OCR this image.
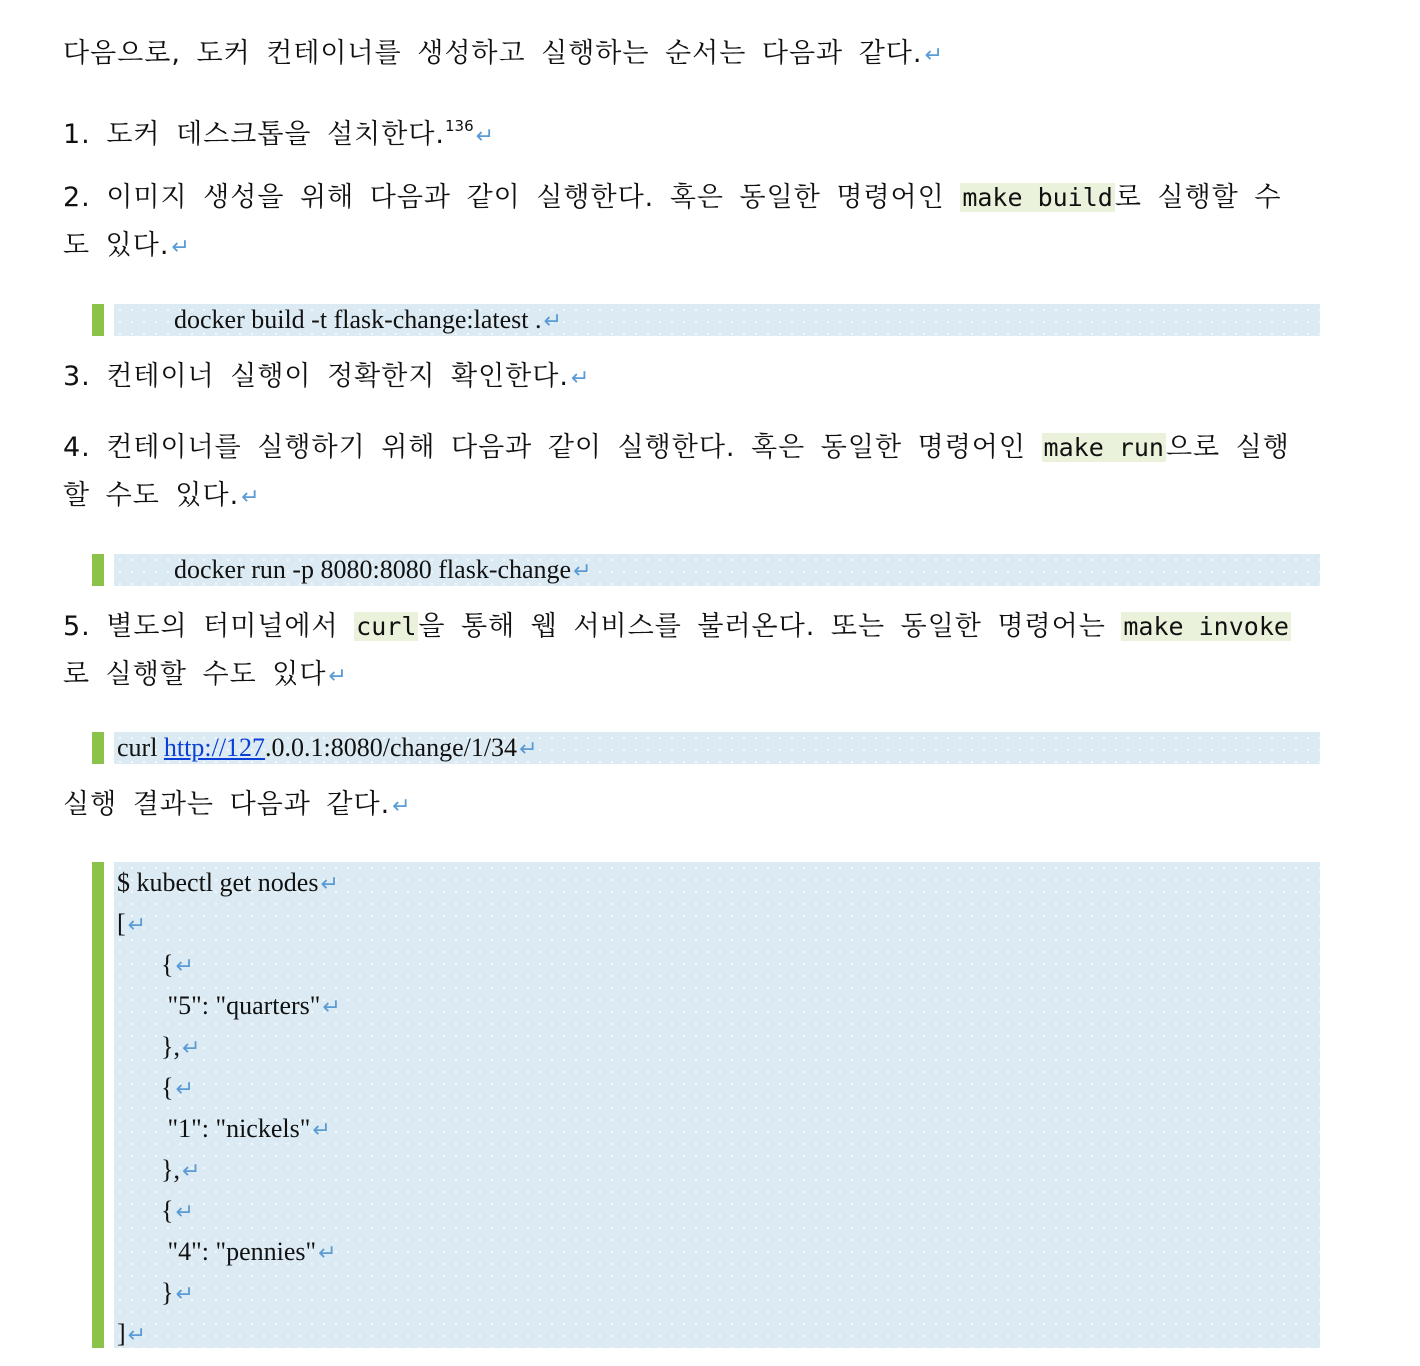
다음으로, 도커 컨테이너를 생성하고 실행하는 순서는 다음과 같다.↵
1. 도커 데스크톱을 설치한다.$^{136}$↵
2. 이미지 생성을 위해 다음과 같이 실행한다. 혹은 동일한 명령어인 make build로 실행할 수도 있다.↵
docker build -t flask-change:latest .↵
3. 컨테이너 실행이 정확한지 확인한다.↵
4. 컨테이너를 실행하기 위해 다음과 같이 실행한다. 혹은 동일한 명령어인 make run으로 실행할 수도 있다.↵
docker run -p 8080:8080 flask-change↵
5. 별도의 터미널에서 curl을 통해 웹 서비스를 불러온다. 또는 동일한 명령어는 make invoke로 실행할 수도 있다↵
curl http://127.0.0.1:8080/change/1/34↵
실행 결과는 다음과 같다.↵
$ kubectl get nodes↵
[↵
{↵
"5": "quarters"↵
},↵
{↵
"1": "nickels"↵
},↵
{↵
"4": "pennies"↵
}↵
]↵
